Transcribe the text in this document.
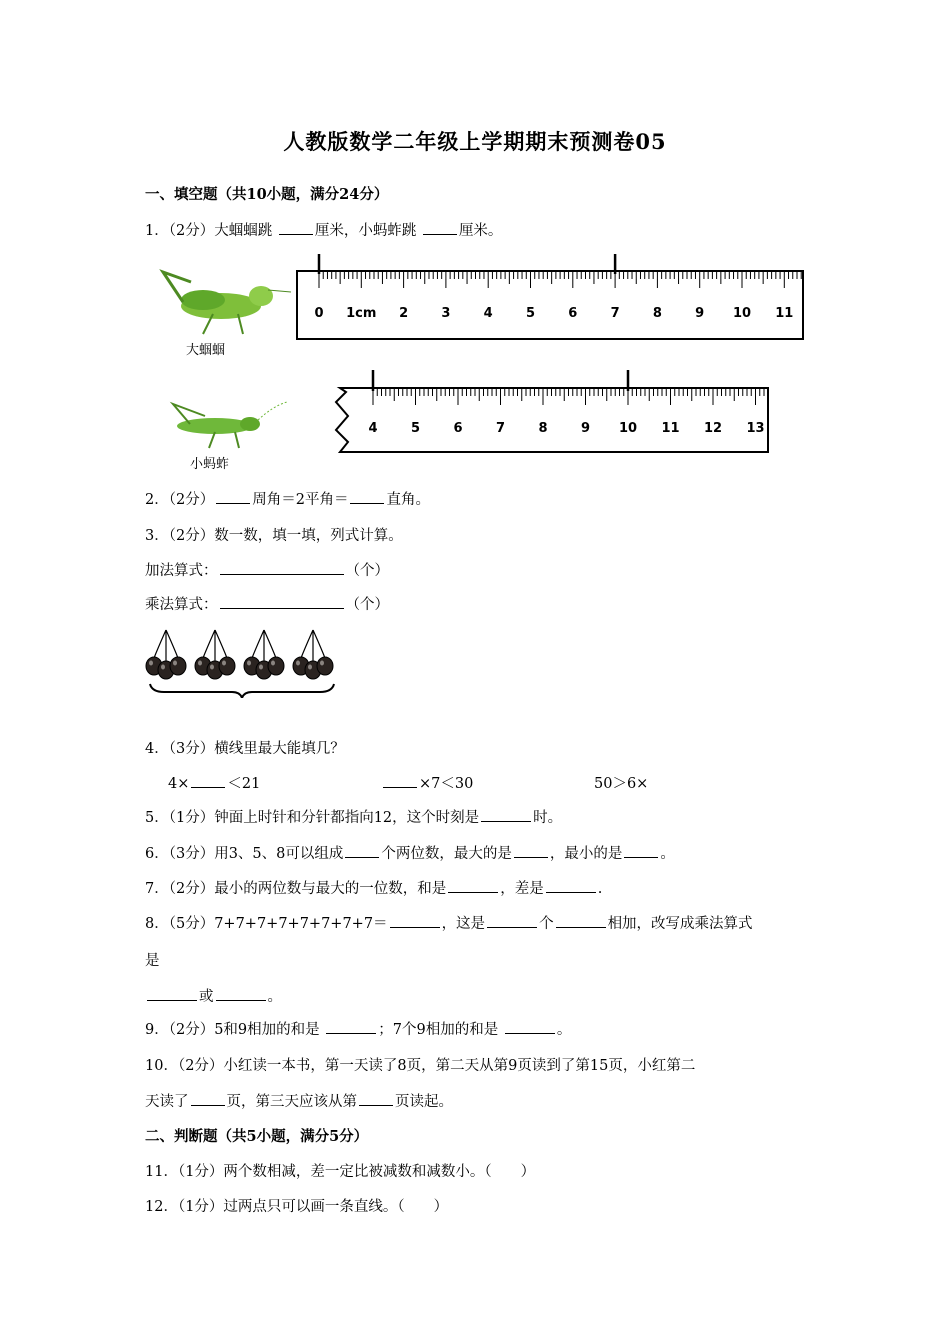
人教版数学二年级上学期期末预测卷05
一、填空题（共10小题，满分24分）
1．（2分）大蝈蝈跳	厘米，小蚂蚱跳	厘米。
大蝈蝈
0 1cm 2	3	4	5	6	7	8	9 10 11
小蚂蚱
4	5	6	7	8	9 10 11 12 13
2．（2分）	周角＝2平角＝	直角。
3．（2分）数一数，填一填，列式计算。
加法算式：	（个）
乘法算式：	（个）
4．（3分）横线里最大能填几？
4×	＜21	×7＜30	50＞6×
5．（1分）钟面上时针和分针都指向12，这个时刻是	时。
6．（3分）用3、5、8可以组成	个两位数，最大的是	，最小的是	。
7．（2分）最小的两位数与最大的一位数，和是	，差是	.
8．（5分）7+7+7+7+7+7+7+7＝	，这是	个	相加，改写成乘法算式
是
或	。
9．（2分）5和9相加的和是	；7个9相加的和是	。
10．（2分）小红读一本书，第一天读了8页，第二天从第9页读到了第15页，小红第二
天读了	页，第三天应该从第	页读起。
二、判断题（共5小题，满分5分）
11．（1分）两个数相减，差一定比被减数和减数小。（　　）
12．（1分）过两点只可以画一条直线。（　　）
